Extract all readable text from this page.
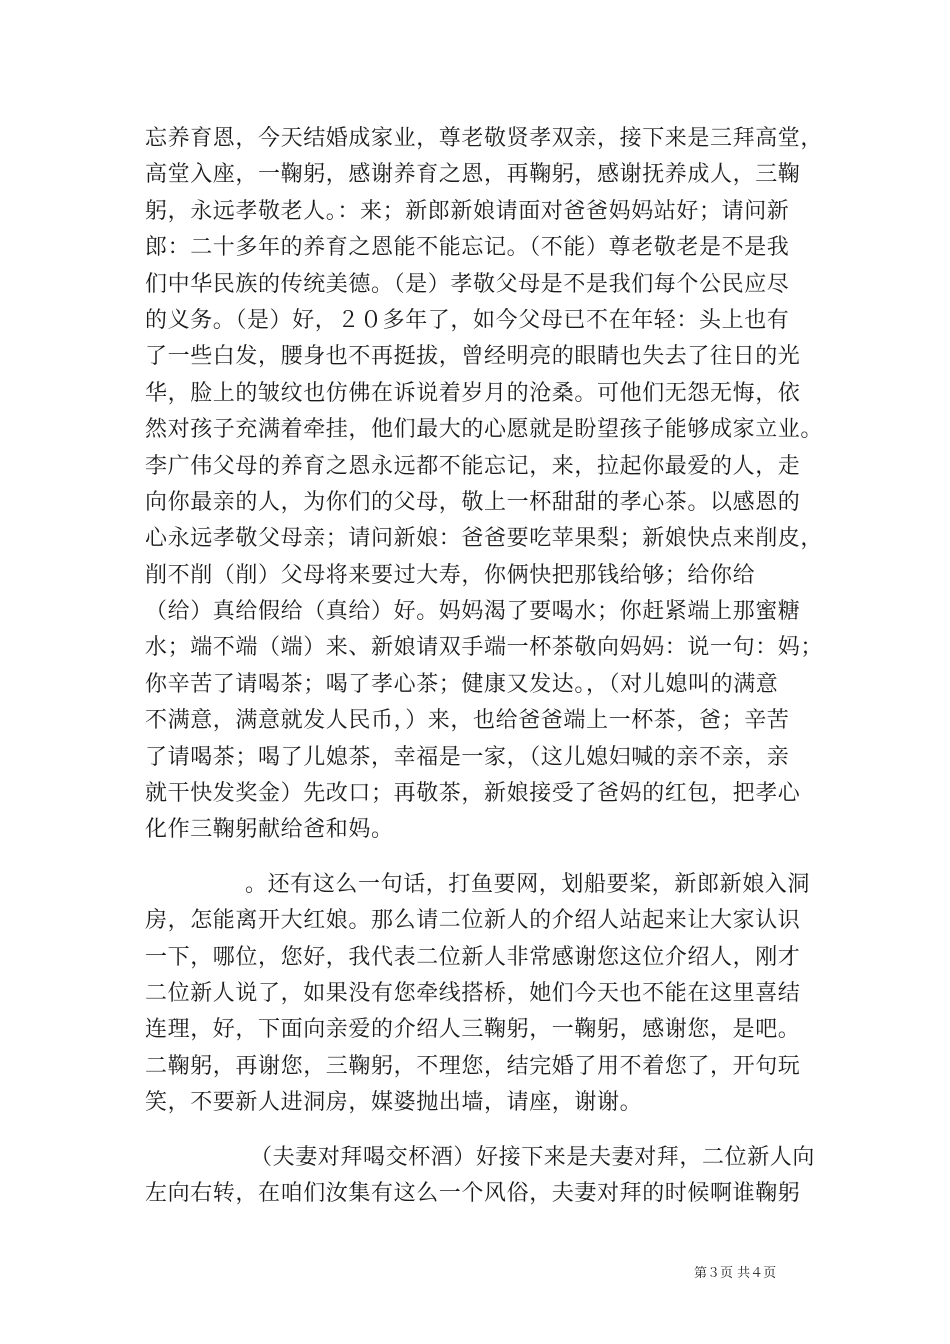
忘养育恩，今天结婚成家业，尊老敬贤孝双亲，接下来是三拜高堂，
高堂入座，一鞠躬，感谢养育之恩，再鞠躬，感谢抚养成人，三鞠
躬，永远孝敬老人。：来；新郎新娘请面对爸爸妈妈站好；请问新
郎：二十多年的养育之恩能不能忘记。（不能）尊老敬老是不是我
们中华民族的传统美德。（是）孝敬父母是不是我们每个公民应尽
的义务。（是）好，２０多年了，如今父母已不在年轻：头上也有
了一些白发，腰身也不再挺拔，曾经明亮的眼睛也失去了往日的光
华，脸上的皱纹也仿佛在诉说着岁月的沧桑。可他们无怨无悔，依
然对孩子充满着牵挂，他们最大的心愿就是盼望孩子能够成家立业。
李广伟父母的养育之恩永远都不能忘记，来，拉起你最爱的人，走
向你最亲的人，为你们的父母，敬上一杯甜甜的孝心茶。以感恩的
心永远孝敬父母亲；请问新娘：爸爸要吃苹果梨；新娘快点来削皮，
削不削（削）父母将来要过大寿，你俩快把那钱给够；给你给
（给）真给假给（真给）好。妈妈渴了要喝水；你赶紧端上那蜜糖
水；端不端（端）来、新娘请双手端一杯茶敬向妈妈：说一句：妈；
你辛苦了请喝茶；喝了孝心茶；健康又发达。，（对儿媳叫的满意
不满意，满意就发人民币，）来，也给爸爸端上一杯茶，爸；辛苦
了请喝茶；喝了儿媳茶，幸福是一家，（这儿媳妇喊的亲不亲，亲
就干快发奖金）先改口；再敬茶，新娘接受了爸妈的红包，把孝心
化作三鞠躬献给爸和妈。
。还有这么一句话，打鱼要网，划船要桨，新郎新娘入洞
房，怎能离开大红娘。那么请二位新人的介绍人站起来让大家认识
一下，哪位，您好，我代表二位新人非常感谢您这位介绍人，刚才
二位新人说了，如果没有您牵线搭桥，她们今天也不能在这里喜结
连理，好，下面向亲爱的介绍人三鞠躬，一鞠躬，感谢您，是吧。
二鞠躬，再谢您，三鞠躬，不理您，结完婚了用不着您了，开句玩
笑，不要新人进洞房，媒婆抛出墙，请座，谢谢。
（夫妻对拜喝交杯酒）好接下来是夫妻对拜，二位新人向
左向右转，在咱们汝集有这么一个风俗，夫妻对拜的时候啊谁鞠躬
第３页 共４页
